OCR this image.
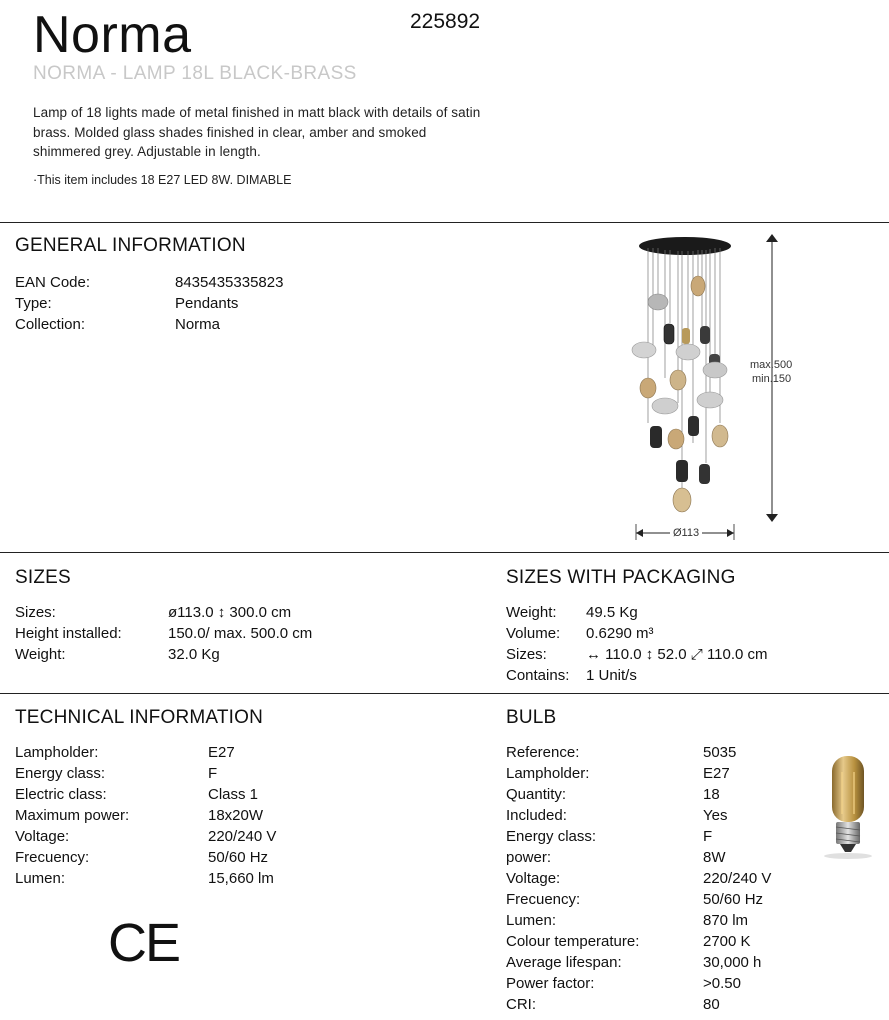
Norma	225892
NORMA - LAMP 18L BLACK-BRASS
Lamp of 18 lights made of metal finished in matt black with details of satin brass. Molded glass shades finished in clear, amber and smoked shimmered grey. Adjustable in length.
·This item includes 18 E27 LED 8W. DIMABLE
GENERAL INFORMATION
EAN Code:	8435435335823
Type:	Pendants
Collection:	Norma
max.500
min.150
Ø113
SIZES
Sizes:	ø113.0 ↕ 300.0 cm
Height installed:	150.0/ max. 500.0 cm
Weight:	32.0 Kg
SIZES WITH PACKAGING
Weight: 49.5 Kg
Volume: 0.6290 m³
Sizes:	↔ 110.0 ↕ 52.0 ⤢ 110.0 cm
Contains: 1 Unit/s
TECHNICAL INFORMATION
Lampholder:	E27
Energy class:	F
Electric class:	Class 1
Maximum power:	18x20W
Voltage:	220/240 V
Frecuency:	50/60 Hz
Lumen:	15,660 lm
CE
BULB
Reference:	5035
Lampholder:	E27
Quantity:	18
Included:	Yes
Energy class:	F
power:	8W
Voltage:	220/240 V
Frecuency:	50/60 Hz
Lumen:	870 lm
Colour temperature:	2700 K
Average lifespan:	30,000 h
Power factor:	>0.50
CRI:	80
